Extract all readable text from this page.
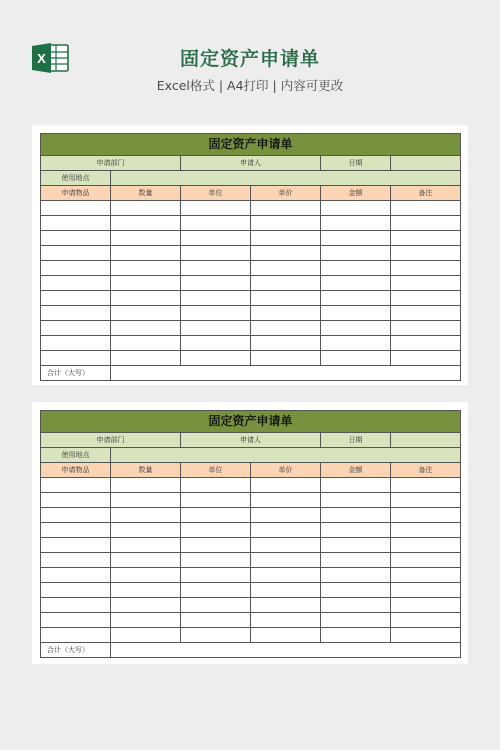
X	固定资产申请单
Excel格式 | A4打印 | 内容可更改
固定资产申请单					
申请部门		申请人		日期	
使用地点					
申请物品	数量	单位	单价	金额	备注

合计（大写）					
固定资产申请单					
申请部门		申请人		日期	
使用地点					
申请物品	数量	单位	单价	金额	备注

合计（大写）					
